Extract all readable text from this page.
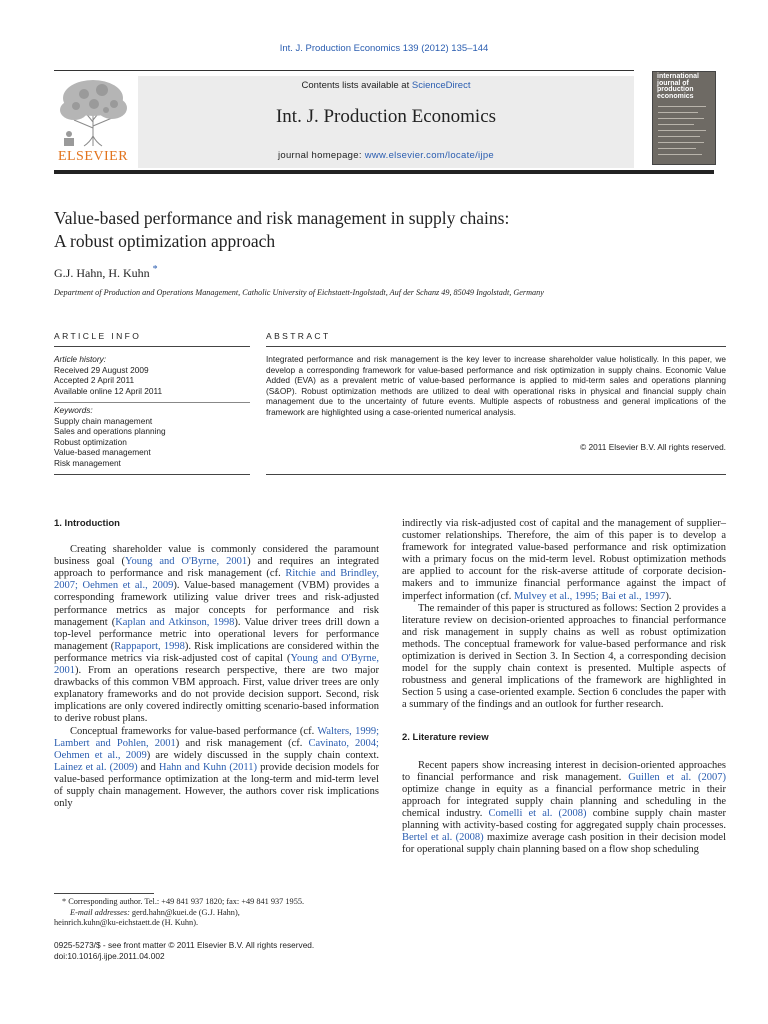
Int. J. Production Economics 139 (2012) 135–144
ELSEVIER
Contents lists available at ScienceDirect
Int. J. Production Economics
journal homepage: www.elsevier.com/locate/ijpe
international journal of production economics
Value-based performance and risk management in supply chains:
A robust optimization approach
G.J. Hahn, H. Kuhn *
Department of Production and Operations Management, Catholic University of Eichstaett-Ingolstadt, Auf der Schanz 49, 85049 Ingolstadt, Germany
ARTICLE INFO	ABSTRACT
Article history:
Received 29 August 2009
Accepted 2 April 2011
Available online 12 April 2011
Keywords:
Supply chain management
Sales and operations planning
Robust optimization
Value-based management
Risk management
Integrated performance and risk management is the key lever to increase shareholder value holistically. In this paper, we develop a corresponding framework for value-based performance and risk optimization in supply chains. Economic Value Added (EVA) as a prevalent metric of value-based performance is applied to mid-term sales and operations planning (S&OP). Robust optimization methods are utilized to deal with operational risks in physical and financial supply chain management due to the uncertainty of future events. Multiple aspects of robustness and general implications of the framework are highlighted using a case-oriented numerical analysis.
© 2011 Elsevier B.V. All rights reserved.
1. Introduction

Creating shareholder value is commonly considered the paramount business goal (Young and O'Byrne, 2001) and requires an integrated approach to performance and risk management (cf. Ritchie and Brindley, 2007; Oehmen et al., 2009). Value-based management (VBM) provides a corresponding framework utilizing value driver trees and risk-adjusted performance metrics as major concepts for performance and risk management (Kaplan and Atkinson, 1998). Value driver trees drill down a top-level performance metric into operational levers for performance management (Rappaport, 1998). Risk implications are considered within the performance metrics via risk-adjusted cost of capital (Young and O'Byrne, 2001). From an operations research perspective, there are two major drawbacks of this common VBM approach. First, value driver trees are only explanatory frameworks and do not provide decision support. Second, risk implications are only covered indirectly omitting scenario-based information to derive robust plans.

Conceptual frameworks for value-based performance (cf. Walters, 1999; Lambert and Pohlen, 2001) and risk management (cf. Cavinato, 2004; Oehmen et al., 2009) are widely discussed in the supply chain context. Lainez et al. (2009) and Hahn and Kuhn (2011) provide decision models for value-based performance optimization at the long-term and mid-term level of supply chain management. However, the authors cover risk implications only

indirectly via risk-adjusted cost of capital and the management of supplier–customer relationships. Therefore, the aim of this paper is to develop a framework for integrated value-based performance and risk optimization with a primary focus on the mid-term level. Robust optimization methods are applied to account for the risk-averse attitude of corporate decision-makers and to immunize financial performance against the impact of imperfect information (cf. Mulvey et al., 1995; Bai et al., 1997).

The remainder of this paper is structured as follows: Section 2 provides a literature review on decision-oriented approaches to financial performance and risk management in supply chains as well as robust optimization methods. The conceptual framework for value-based performance and risk optimization is derived in Section 3. In Section 4, a corresponding decision model for the supply chain context is presented. Multiple aspects of robustness and general implications of the framework are highlighted in Section 5 using a case-oriented example. Section 6 concludes the paper with a summary of the findings and an outlook for further research.

2. Literature review

Recent papers show increasing interest in decision-oriented approaches to financial performance and risk management. Guillen et al. (2007) optimize change in equity as a financial performance metric in their approach for integrated supply chain planning and scheduling in the chemical industry. Comelli et al. (2008) combine supply chain master planning with activity-based costing for aggregated supply chain processes. Bertel et al. (2008) maximize average cash position in their decision model for operational supply chain planning based on a flow shop scheduling

* Corresponding author. Tel.: +49 841 937 1820; fax: +49 841 937 1955.
E-mail addresses: gerd.hahn@kuei.de (G.J. Hahn),
heinrich.kuhn@ku-eichstaett.de (H. Kuhn).
0925-5273/$ - see front matter © 2011 Elsevier B.V. All rights reserved.
doi:10.1016/j.ijpe.2011.04.002
